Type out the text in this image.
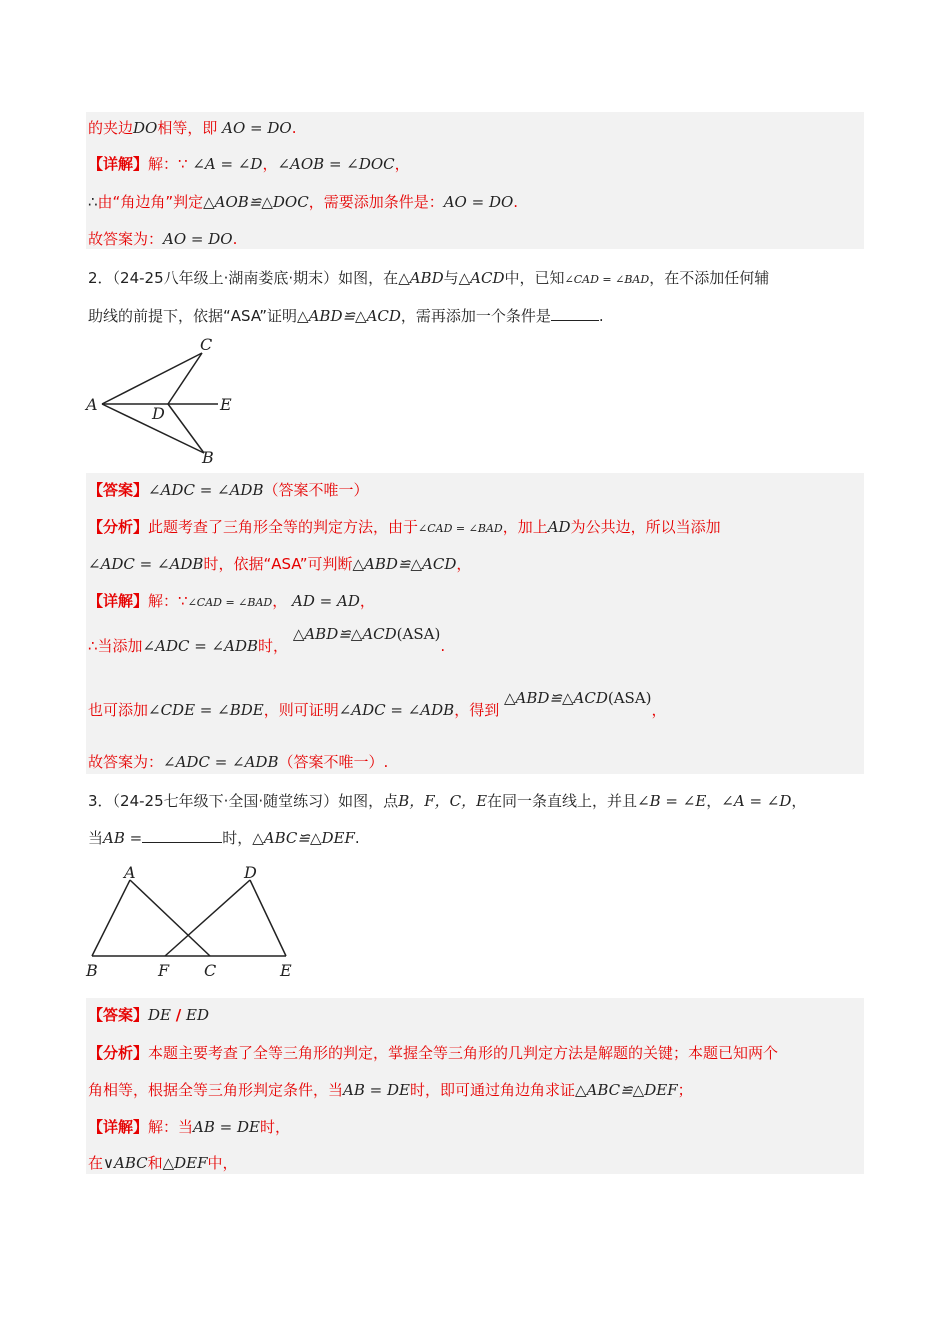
的夹边DO相等，即 AO = DO.
【详解】解：∵ ∠A = ∠D，∠AOB = ∠DOC，
∴由“角边角”判定△AOB≌△DOC，需要添加条件是：AO = DO.
故答案为：AO = DO.
2．（24-25八年级上·湖南娄底·期末）如图，在△ABD与△ACD中，已知∠CAD = ∠BAD，在不添加任何辅
助线的前提下，依据“ASA”证明△ABD≌△ACD，需再添加一个条件是	.
C
A	D	E
B
【答案】∠ADC = ∠ADB（答案不唯一）
【分析】此题考查了三角形全等的判定方法，由于∠CAD = ∠BAD，加上AD为公共边，所以当添加
∠ADC = ∠ADB时，依据“ASA”可判断△ABD≌△ACD，
【详解】解：∵∠CAD = ∠BAD， AD = AD，
∴当添加∠ADC = ∠ADB时， △ABD≌△ACD(ASA).
也可添加∠CDE = ∠BDE，则可证明∠ADC = ∠ADB，得到 △ABD≌△ACD(ASA)，
故答案为：∠ADC = ∠ADB（答案不唯一）.
3．（24-25七年级下·全国·随堂练习）如图，点B，F，C，E在同一条直线上，并且∠B = ∠E，∠A = ∠D，
当AB =	时，△ABC≌△DEF.
A	D
B	F C	E
【答案】DE / ED
【分析】本题主要考查了全等三角形的判定，掌握全等三角形的几判定方法是解题的关键；本题已知两个
角相等，根据全等三角形判定条件，当AB = DE时，即可通过角边角求证△ABC≌△DEF；
【详解】解：当AB = DE时，
在∨ABC和△DEF中，
